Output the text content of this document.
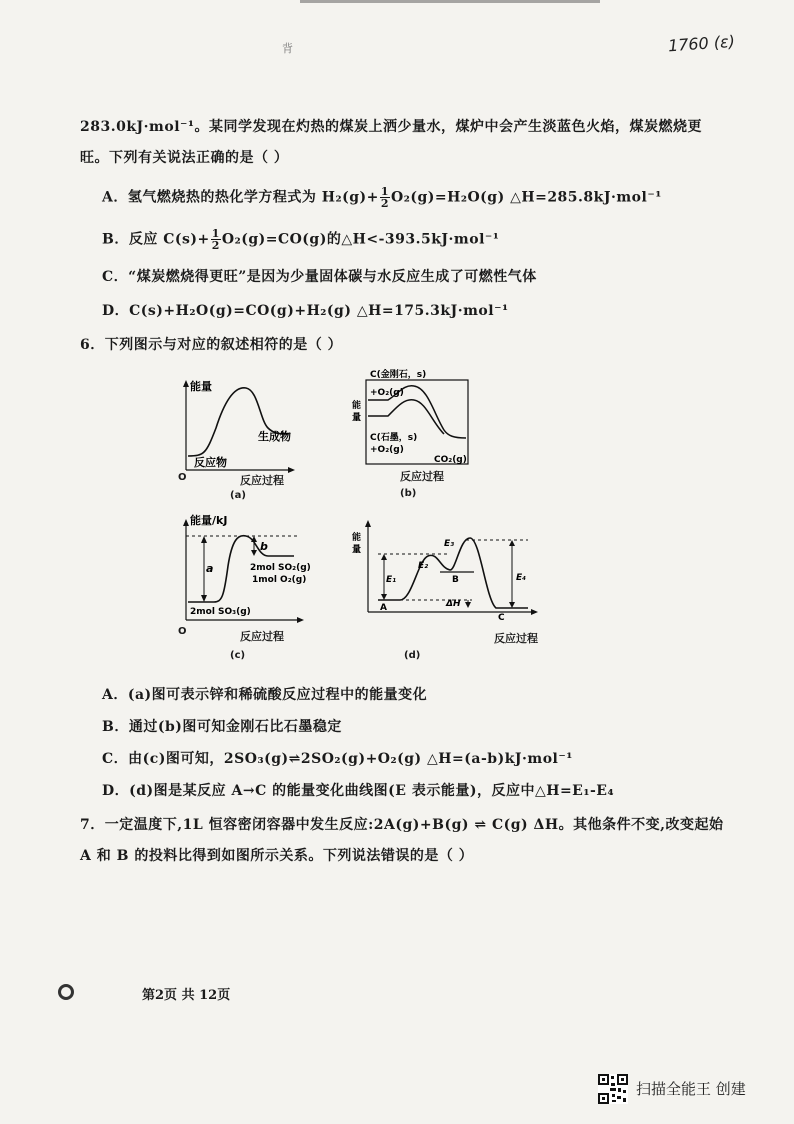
背	1760 (ε)
283.0kJ·mol⁻¹。某同学发现在灼热的煤炭上洒少量水，煤炉中会产生淡蓝色火焰，煤炭燃烧更
旺。下列有关说法正确的是（ ）
A．氢气燃烧热的热化学方程式为 $H_2(g)+ \frac{1}{2} O_2(g)=H_2O(g)$ △H=285.8kJ·mol⁻¹
B．反应 $C(s)+ \frac{1}{2} O_2(g)=CO(g)$的△H<-393.5kJ·mol⁻¹
C．“煤炭燃烧得更旺”是因为少量固体碳与水反应生成了可燃性气体
D．C(s)+H₂O(g)=CO(g)+H₂(g) △H=175.3kJ·mol⁻¹
6．下列图示与对应的叙述相符的是（ ）
能量
生成物
反应物
O	反应过程
(a)
C(金刚石，s)
+O₂(g)
能
量
C(石墨，s)
+O₂(g)
CO₂(g)
反应过程
(b)
能量/kJ
a
b
2mol SO₂(g)
1mol O₂(g)
2mol SO₃(g)
O	反应过程
(c)
能
量
E₁
E₂
E₃
E₄
A
B
C
ΔH
反应过程
(d)
A．(a)图可表示锌和稀硫酸反应过程中的能量变化
B．通过(b)图可知金刚石比石墨稳定
C．由(c)图可知，2SO₃(g)⇌2SO₂(g)+O₂(g) △H=(a-b)kJ·mol⁻¹
D．(d)图是某反应 A→C 的能量变化曲线图(E 表示能量)，反应中△H=E₁-E₄
7．一定温度下,1L 恒容密闭容器中发生反应:2A(g)+B(g) ⇌ C(g) ΔH。其他条件不变,改变起始
A 和 B 的投料比得到如图所示关系。下列说法错误的是（ ）
第2页 共 12页
扫描全能王 创建
